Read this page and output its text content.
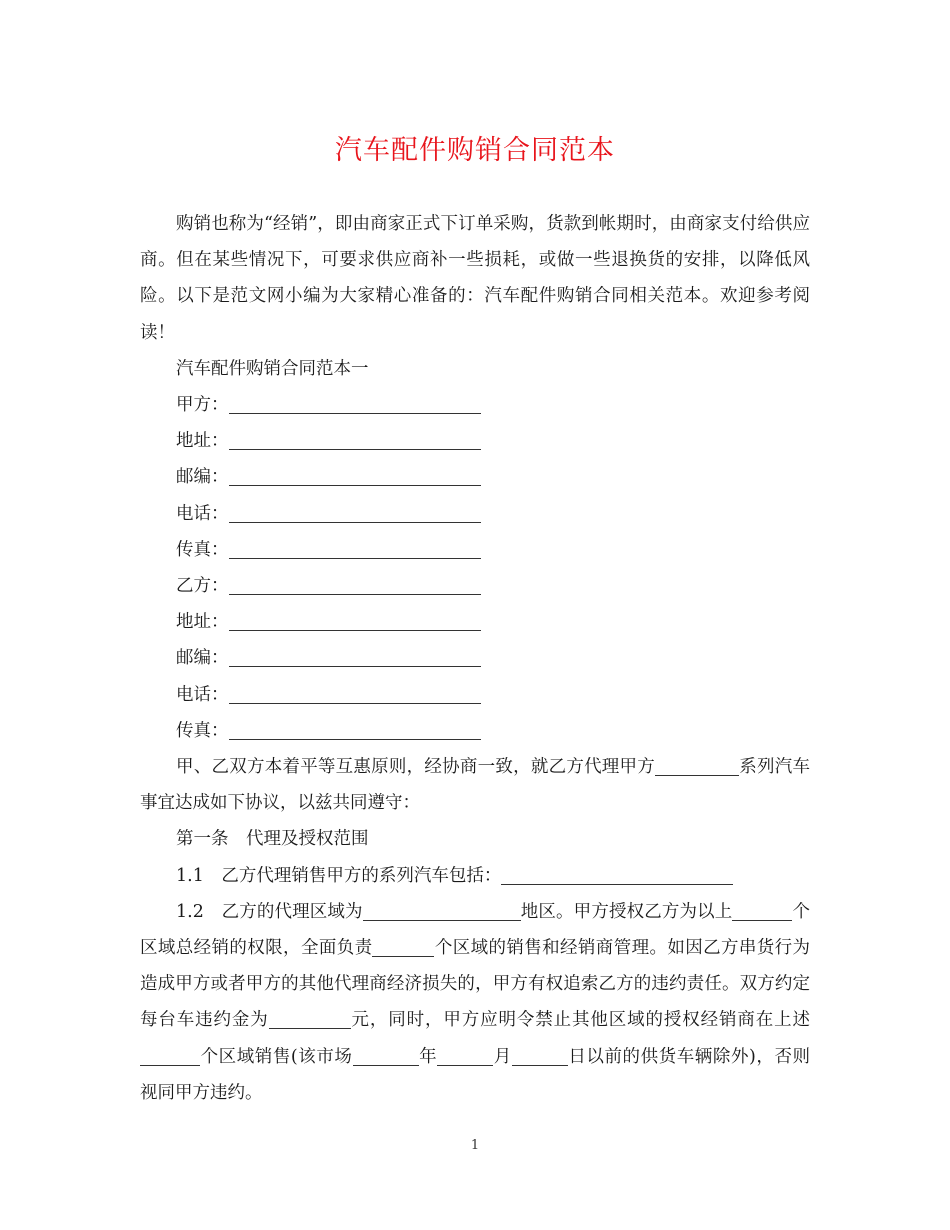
汽车配件购销合同范本

购销也称为“经销”，即由商家正式下订单采购，货款到帐期时，由商家支付给供应商。但在某些情况下，可要求供应商补一些损耗，或做一些退换货的安排，以降低风险。以下是范文网小编为大家精心准备的：汽车配件购销合同相关范本。欢迎参考阅读！

汽车配件购销合同范本一

甲方：
地址：
邮编：
电话：
传真：
乙方：
地址：
邮编：
电话：
传真：

甲、乙双方本着平等互惠原则，经协商一致，就乙方代理甲方	系列汽车事宜达成如下协议，以兹共同遵守：

第一条　代理及授权范围

1.1　乙方代理销售甲方的系列汽车包括：

1.2　乙方的代理区域为	地区。甲方授权乙方为以上	个区域总经销的权限，全面负责	个区域的销售和经销商管理。如因乙方串货行为造成甲方或者甲方的其他代理商经济损失的，甲方有权追索乙方的违约责任。双方约定每台车违约金为	元，同时，甲方应明令禁止其他区域的授权经销商在上述个区域销售(该市场	年	月	日以前的供货车辆除外)，否则视同甲方违约。

1
